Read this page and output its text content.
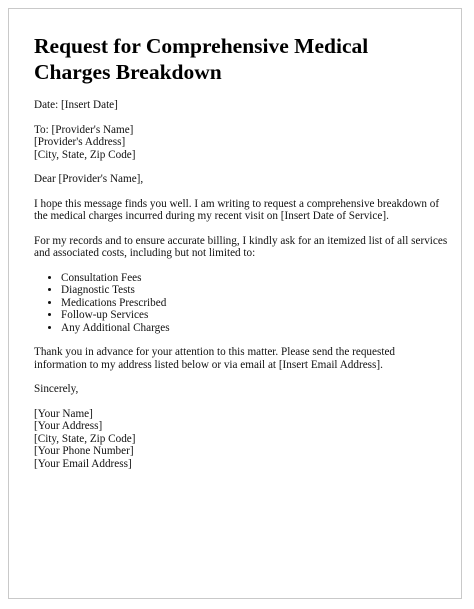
Request for Comprehensive Medical Charges Breakdown

Date: [Insert Date]

To: [Provider's Name]
[Provider's Address]
[City, State, Zip Code]

Dear [Provider's Name],

I hope this message finds you well. I am writing to request a comprehensive breakdown of the medical charges incurred during my recent visit on [Insert Date of Service].

For my records and to ensure accurate billing, I kindly ask for an itemized list of all services and associated costs, including but not limited to:

• Consultation Fees
• Diagnostic Tests
• Medications Prescribed
• Follow-up Services
• Any Additional Charges

Thank you in advance for your attention to this matter. Please send the requested information to my address listed below or via email at [Insert Email Address].

Sincerely,

[Your Name]
[Your Address]
[City, State, Zip Code]
[Your Phone Number]
[Your Email Address]
